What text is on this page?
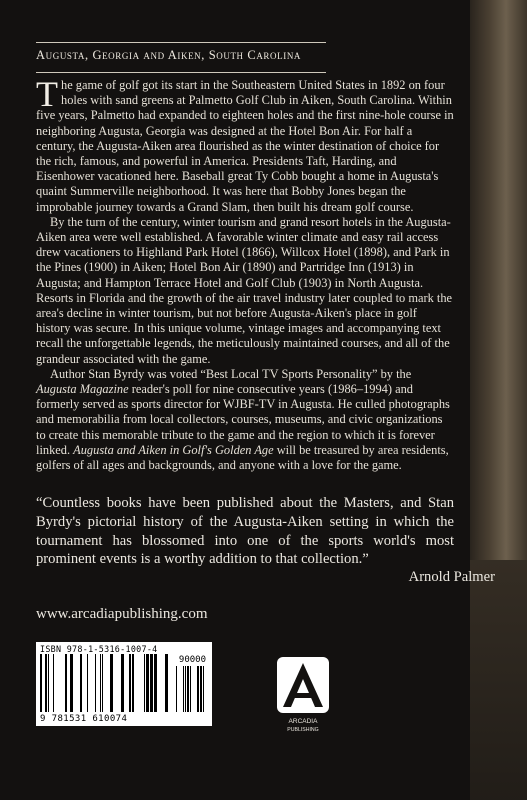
Augusta, Georgia and Aiken, South Carolina

The game of golf got its start in the Southeastern United States in 1892 on four holes with sand greens at Palmetto Golf Club in Aiken, South Carolina. Within five years, Palmetto had expanded to eighteen holes and the first nine-hole course in neighboring Augusta, Georgia was designed at the Hotel Bon Air. For half a century, the Augusta-Aiken area flourished as the winter destination of choice for the rich, famous, and powerful in America. Presidents Taft, Harding, and Eisenhower vacationed here. Baseball great Ty Cobb bought a home in Augusta's quaint Summerville neighborhood. It was here that Bobby Jones began the improbable journey towards a Grand Slam, then built his dream golf course.

By the turn of the century, winter tourism and grand resort hotels in the Augusta-Aiken area were well established. A favorable winter climate and easy rail access drew vacationers to Highland Park Hotel (1866), Willcox Hotel (1898), and Park in the Pines (1900) in Aiken; Hotel Bon Air (1890) and Partridge Inn (1913) in Augusta; and Hampton Terrace Hotel and Golf Club (1903) in North Augusta. Resorts in Florida and the growth of the air travel industry later coupled to mark the area's decline in winter tourism, but not before Augusta-Aiken's place in golf history was secure. In this unique volume, vintage images and accompanying text recall the unforgettable legends, the meticulously maintained courses, and all of the grandeur associated with the game.

Author Stan Byrdy was voted “Best Local TV Sports Personality” by the Augusta Magazine reader's poll for nine consecutive years (1986–1994) and formerly served as sports director for WJBF-TV in Augusta. He culled photographs and memorabilia from local collectors, courses, museums, and civic organizations to create this memorable tribute to the game and the region to which it is forever linked. Augusta and Aiken in Golf's Golden Age will be treasured by area residents, golfers of all ages and backgrounds, and anyone with a love for the game.

“Countless books have been published about the Masters, and Stan Byrdy's pictorial history of the Augusta-Aiken setting in which the tournament has blossomed into one of the sports world's most prominent events is a worthy addition to that collection.”
Arnold Palmer
www.arcadiapublishing.com
ISBN 978-1-5316-1007-4
90000
9 781531 610074	ARCADIA
PUBLISHING
